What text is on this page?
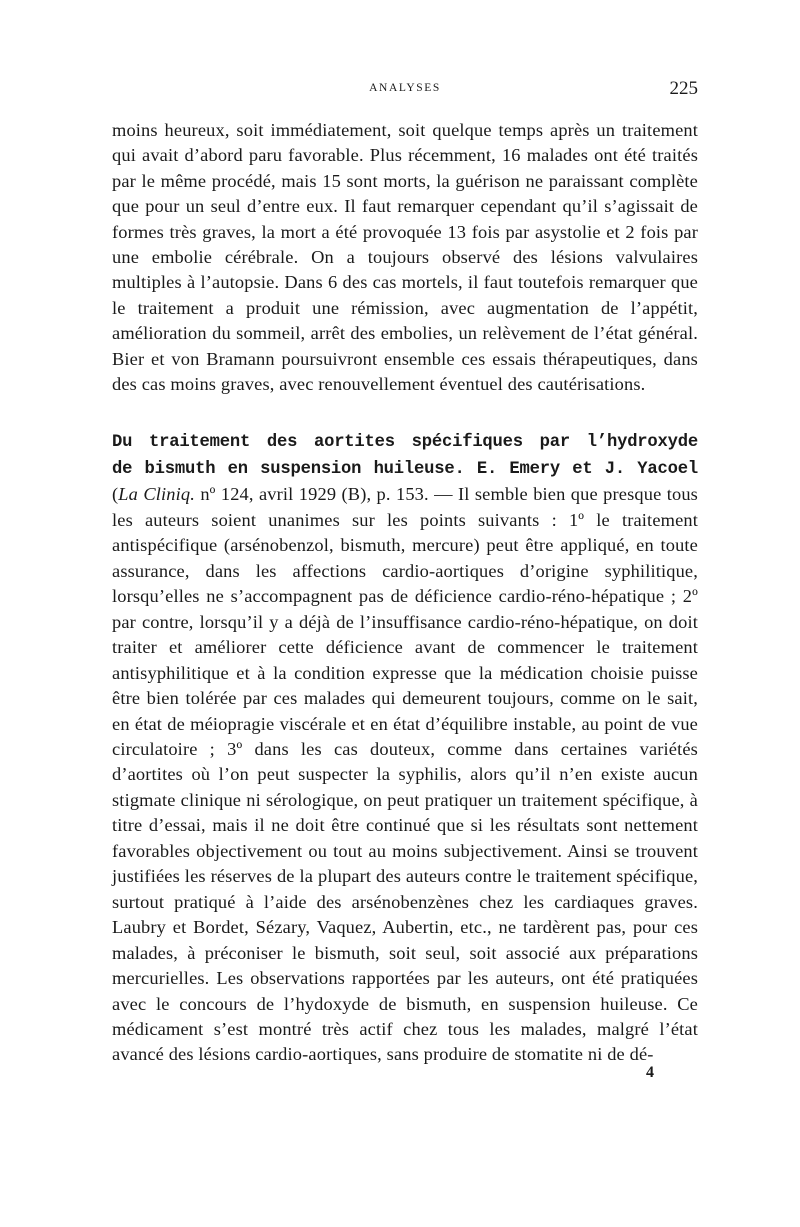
ANALYSES	225

moins heureux, soit immédiatement, soit quelque temps après un traitement qui avait d’abord paru favorable. Plus récemment, 16 malades ont été traités par le même procédé, mais 15 sont morts, la guérison ne paraissant complète que pour un seul d’entre eux. Il faut remarquer cependant qu’il s’agissait de formes très graves, la mort a été provoquée 13 fois par asystolie et 2 fois par une embolie cérébrale. On a toujours observé des lésions valvulaires multiples à l’autopsie. Dans 6 des cas mortels, il faut toutefois remarquer que le traitement a produit une rémission, avec augmentation de l’appétit, amélioration du sommeil, arrêt des embolies, un relèvement de l’état général. Bier et von Bramann poursuivront ensemble ces essais thérapeutiques, dans des cas moins graves, avec renouvellement éventuel des cautérisations.

Du traitement des aortites spécifiques par l’hydroxyde

de bismuth en suspension huileuse. E. Emery et J. Yacoel (La Cliniq. nº 124, avril 1929 (B), p. 153. — Il semble bien que presque tous les auteurs soient unanimes sur les points suivants : 1º le traitement antispécifique (arsénobenzol, bismuth, mercure) peut être appliqué, en toute assurance, dans les affections cardio-aortiques d’origine syphilitique, lorsqu’elles ne s’accompagnent pas de déficience cardio-réno-hépatique ; 2º par contre, lorsqu’il y a déjà de l’insuffisance cardio-réno-hépatique, on doit traiter et améliorer cette déficience avant de commencer le traitement antisyphilitique et à la condition expresse que la médication choisie puisse être bien tolérée par ces malades qui demeurent toujours, comme on le sait, en état de méiopragie viscérale et en état d’équilibre instable, au point de vue circulatoire ; 3º dans les cas douteux, comme dans certaines variétés d’aortites où l’on peut suspecter la syphilis, alors qu’il n’en existe aucun stigmate clinique ni sérologique, on peut pratiquer un traitement spécifique, à titre d’essai, mais il ne doit être continué que si les résultats sont nettement favorables objectivement ou tout au moins subjectivement. Ainsi se trouvent justifiées les réserves de la plupart des auteurs contre le traitement spécifique, surtout pratiqué à l’aide des arsénobenzènes chez les cardiaques graves. Laubry et Bordet, Sézary, Vaquez, Aubertin, etc., ne tardèrent pas, pour ces malades, à préconiser le bismuth, soit seul, soit associé aux préparations mercurielles. Les observations rapportées par les auteurs, ont été pratiquées avec le concours de l’hydoxyde de bismuth, en suspension huileuse. Ce médicament s’est montré très actif chez tous les malades, malgré l’état avancé des lésions cardio-aortiques, sans produire de stomatite ni de dé-

4
